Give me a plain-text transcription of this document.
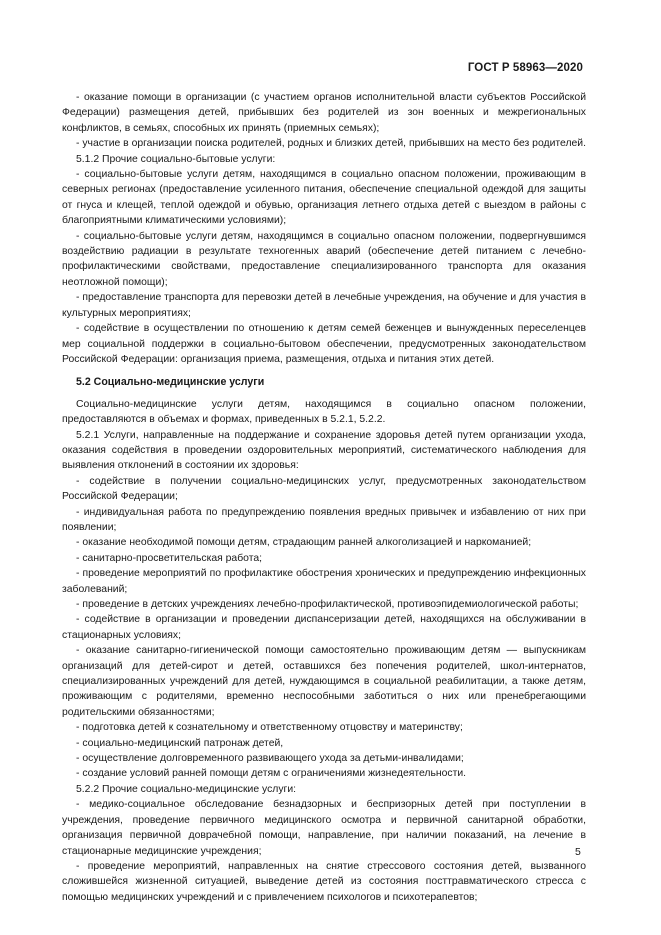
ГОСТ Р 58963—2020

- оказание помощи в организации (с участием органов исполнительной власти субъектов Российской Федерации) размещения детей, прибывших без родителей из зон военных и межрегиональных конфликтов, в семьях, способных их принять (приемных семьях);

- участие в организации поиска родителей, родных и близких детей, прибывших на место без родителей.

5.1.2 Прочие социально-бытовые услуги:

- социально-бытовые услуги детям, находящимся в социально опасном положении, проживающим в северных регионах (предоставление усиленного питания, обеспечение специальной одеждой для защиты от гнуса и клещей, теплой одеждой и обувью, организация летнего отдыха детей с выездом в районы с благоприятными климатическими условиями);

- социально-бытовые услуги детям, находящимся в социально опасном положении, подвергнувшимся воздействию радиации в результате техногенных аварий (обеспечение детей питанием с лечебно-профилактическими свойствами, предоставление специализированного транспорта для оказания неотложной помощи);

- предоставление транспорта для перевозки детей в лечебные учреждения, на обучение и для участия в культурных мероприятиях;

- содействие в осуществлении по отношению к детям семей беженцев и вынужденных переселенцев мер социальной поддержки в социально-бытовом обеспечении, предусмотренных законодательством Российской Федерации: организация приема, размещения, отдыха и питания этих детей.

5.2 Социально-медицинские услуги

Социально-медицинские услуги детям, находящимся в социально опасном положении, предоставляются в объемах и формах, приведенных в 5.2.1, 5.2.2.

5.2.1 Услуги, направленные на поддержание и сохранение здоровья детей путем организации ухода, оказания содействия в проведении оздоровительных мероприятий, систематического наблюдения для выявления отклонений в состоянии их здоровья:

- содействие в получении социально-медицинских услуг, предусмотренных законодательством Российской Федерации;

- индивидуальная работа по предупреждению появления вредных привычек и избавлению от них при появлении;

- оказание необходимой помощи детям, страдающим ранней алкоголизацией и наркоманией;

- санитарно-просветительская работа;

- проведение мероприятий по профилактике обострения хронических и предупреждению инфекционных заболеваний;

- проведение в детских учреждениях лечебно-профилактической, противоэпидемиологической работы;

- содействие в организации и проведении диспансеризации детей, находящихся на обслуживании в стационарных условиях;

- оказание санитарно-гигиенической помощи самостоятельно проживающим детям — выпускникам организаций для детей-сирот и детей, оставшихся без попечения родителей, школ-интернатов, специализированных учреждений для детей, нуждающимся в социальной реабилитации, а также детям, проживающим с родителями, временно неспособными заботиться о них или пренебрегающими родительскими обязанностями;

- подготовка детей к сознательному и ответственному отцовству и материнству;

- социально-медицинский патронаж детей,

- осуществление долговременного развивающего ухода за детьми-инвалидами;

- создание условий ранней помощи детям с ограничениями жизнедеятельности.

5.2.2 Прочие социально-медицинские услуги:

- медико-социальное обследование безнадзорных и беспризорных детей при поступлении в учреждения, проведение первичного медицинского осмотра и первичной санитарной обработки, организация первичной доврачебной помощи, направление, при наличии показаний, на лечение в стационарные медицинские учреждения;

- проведение мероприятий, направленных на снятие стрессового состояния детей, вызванного сложившейся жизненной ситуацией, выведение детей из состояния посттравматического стресса с помощью медицинских учреждений и с привлечением психологов и психотерапевтов;

5
